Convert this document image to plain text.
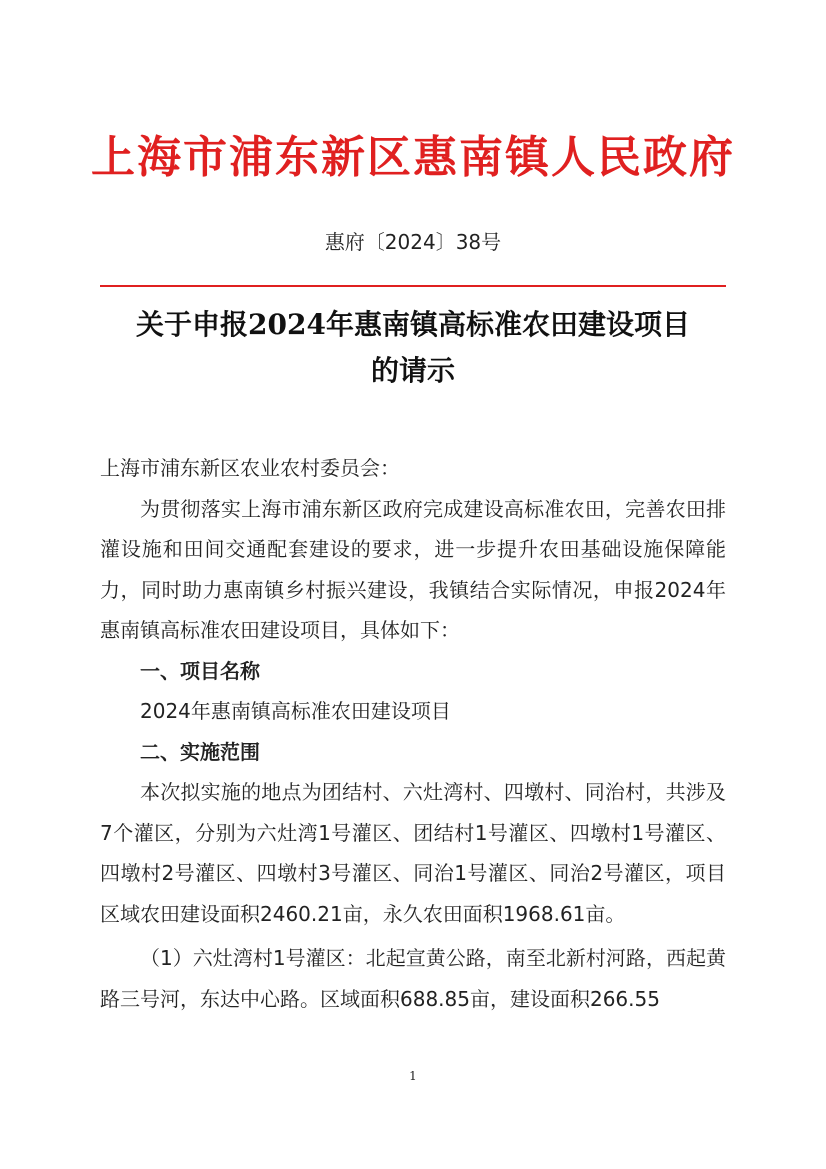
上海市浦东新区惠南镇人民政府
惠府〔2024〕38号
关于申报2024年惠南镇高标准农田建设项目
的请示

上海市浦东新区农业农村委员会：

为贯彻落实上海市浦东新区政府完成建设高标准农田，完善农田排灌设施和田间交通配套建设的要求，进一步提升农田基础设施保障能力，同时助力惠南镇乡村振兴建设，我镇结合实际情况，申报2024年惠南镇高标准农田建设项目，具体如下：

一、项目名称

2024年惠南镇高标准农田建设项目

二、实施范围

本次拟实施的地点为团结村、六灶湾村、四墩村、同治村，共涉及7个灌区，分别为六灶湾1号灌区、团结村1号灌区、四墩村1号灌区、四墩村2号灌区、四墩村3号灌区、同治1号灌区、同治2号灌区，项目区域农田建设面积2460.21亩，永久农田面积1968.61亩。

（1）六灶湾村1号灌区：北起宣黄公路，南至北新村河路，西起黄路三号河，东达中心路。区域面积688.85亩，建设面积266.55

1
